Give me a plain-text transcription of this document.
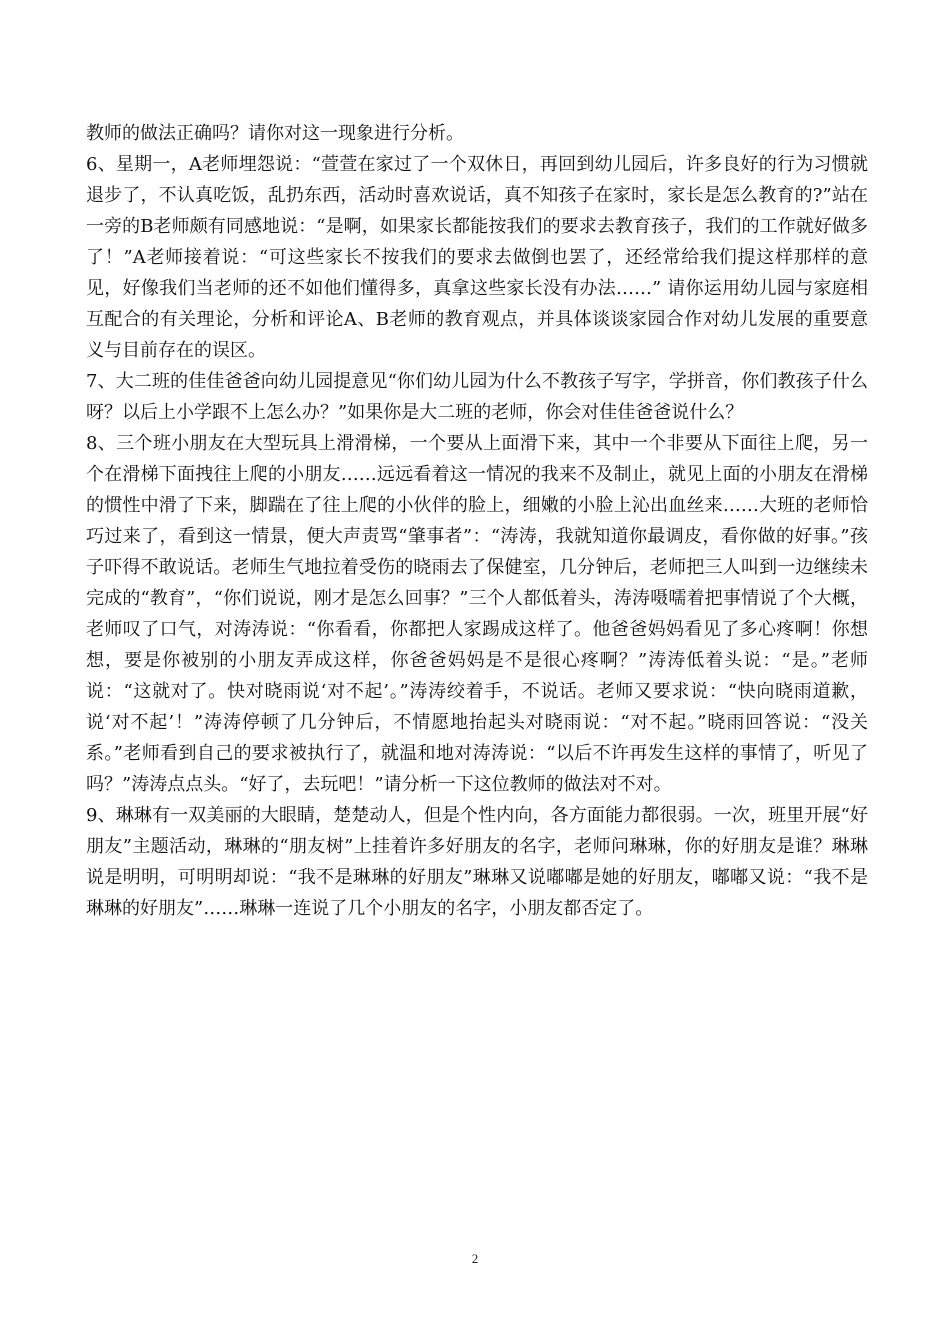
教师的做法正确吗？请你对这一现象进行分析。

6、星期一，A老师埋怨说：“萱萱在家过了一个双休日，再回到幼儿园后，许多良好的行为习惯就退步了，不认真吃饭，乱扔东西，活动时喜欢说话，真不知孩子在家时，家长是怎么教育的?”站在一旁的B老师颇有同感地说：“是啊，如果家长都能按我们的要求去教育孩子，我们的工作就好做多了！”A老师接着说：“可这些家长不按我们的要求去做倒也罢了，还经常给我们提这样那样的意见，好像我们当老师的还不如他们懂得多，真拿这些家长没有办法……” 请你运用幼儿园与家庭相互配合的有关理论，分析和评论A、B老师的教育观点，并具体谈谈家园合作对幼儿发展的重要意义与目前存在的误区。

7、大二班的佳佳爸爸向幼儿园提意见“你们幼儿园为什么不教孩子写字，学拼音，你们教孩子什么呀？以后上小学跟不上怎么办？”如果你是大二班的老师，你会对佳佳爸爸说什么？

8、三个班小朋友在大型玩具上滑滑梯，一个要从上面滑下来，其中一个非要从下面往上爬，另一个在滑梯下面拽往上爬的小朋友……远远看着这一情况的我来不及制止，就见上面的小朋友在滑梯的惯性中滑了下来，脚踹在了往上爬的小伙伴的脸上，细嫩的小脸上沁出血丝来……大班的老师恰巧过来了，看到这一情景，便大声责骂“肇事者”：“涛涛，我就知道你最调皮，看你做的好事。”孩子吓得不敢说话。老师生气地拉着受伤的晓雨去了保健室，几分钟后，老师把三人叫到一边继续未完成的“教育”，“你们说说，刚才是怎么回事？”三个人都低着头，涛涛嗫嚅着把事情说了个大概，老师叹了口气，对涛涛说：“你看看，你都把人家踢成这样了。他爸爸妈妈看见了多心疼啊！你想想，要是你被别的小朋友弄成这样，你爸爸妈妈是不是很心疼啊？”涛涛低着头说：“是。”老师说：“这就对了。快对晓雨说‘对不起’。”涛涛绞着手，不说话。老师又要求说：“快向晓雨道歉，说‘对不起’！”涛涛停顿了几分钟后，不情愿地抬起头对晓雨说：“对不起。”晓雨回答说：“没关系。”老师看到自己的要求被执行了，就温和地对涛涛说：“以后不许再发生这样的事情了，听见了吗？”涛涛点点头。“好了，去玩吧！”请分析一下这位教师的做法对不对。

9、琳琳有一双美丽的大眼睛，楚楚动人，但是个性内向，各方面能力都很弱。一次，班里开展“好朋友”主题活动，琳琳的“朋友树”上挂着许多好朋友的名字，老师问琳琳，你的好朋友是谁？琳琳说是明明，可明明却说：“我不是琳琳的好朋友”琳琳又说嘟嘟是她的好朋友，嘟嘟又说：“我不是琳琳的好朋友”……琳琳一连说了几个小朋友的名字，小朋友都否定了。

2
